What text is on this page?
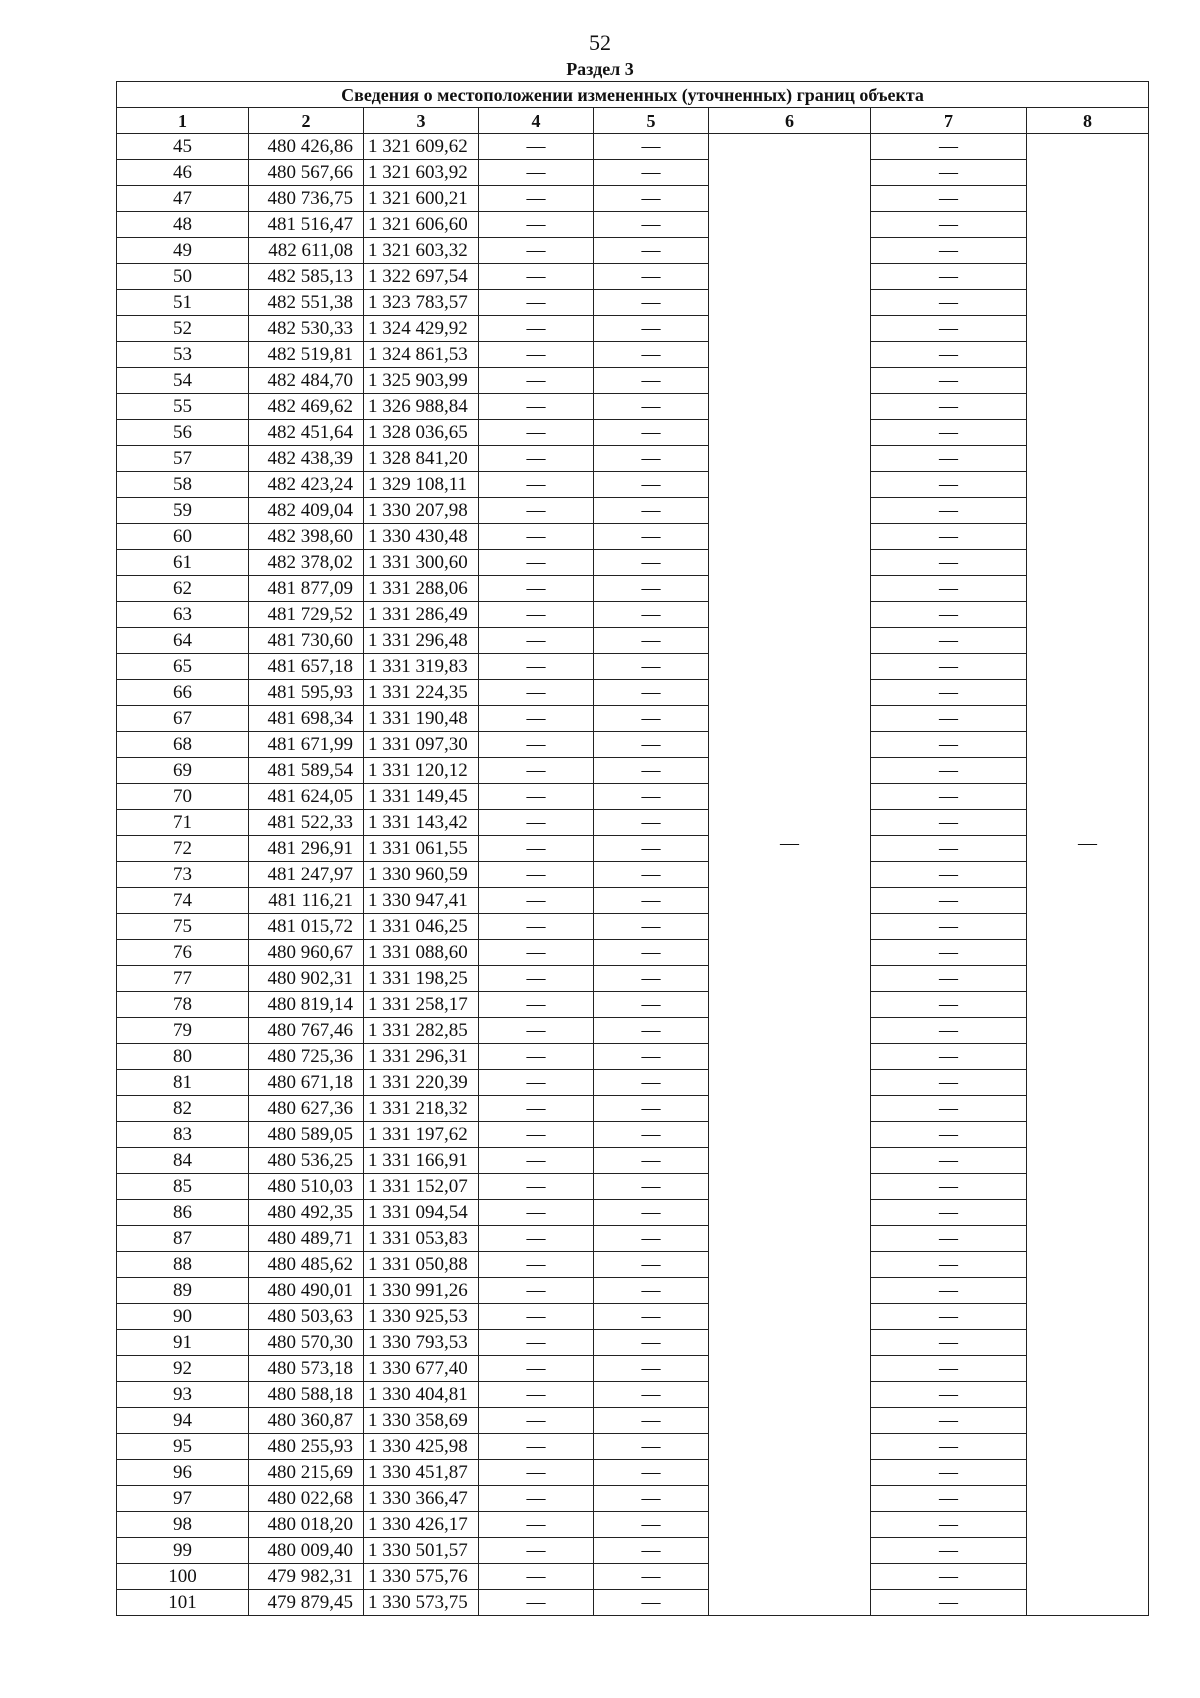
52
Раздел 3
Сведения о местоположении измененных (уточненных) границ объекта							
1	2	3	4	5	6	7	8
45	480 426,86	1 321 609,62	—	—	—	—	—
46	480 567,66	1 321 603,92	—	—		—	
47	480 736,75	1 321 600,21	—	—		—	
48	481 516,47	1 321 606,60	—	—		—	
49	482 611,08	1 321 603,32	—	—		—	
50	482 585,13	1 322 697,54	—	—		—	
51	482 551,38	1 323 783,57	—	—		—	
52	482 530,33	1 324 429,92	—	—		—	
53	482 519,81	1 324 861,53	—	—		—	
54	482 484,70	1 325 903,99	—	—		—	
55	482 469,62	1 326 988,84	—	—		—	
56	482 451,64	1 328 036,65	—	—		—	
57	482 438,39	1 328 841,20	—	—		—	
58	482 423,24	1 329 108,11	—	—		—	
59	482 409,04	1 330 207,98	—	—		—	
60	482 398,60	1 330 430,48	—	—		—	
61	482 378,02	1 331 300,60	—	—		—	
62	481 877,09	1 331 288,06	—	—		—	
63	481 729,52	1 331 286,49	—	—		—	
64	481 730,60	1 331 296,48	—	—		—	
65	481 657,18	1 331 319,83	—	—		—	
66	481 595,93	1 331 224,35	—	—		—	
67	481 698,34	1 331 190,48	—	—		—	
68	481 671,99	1 331 097,30	—	—		—	
69	481 589,54	1 331 120,12	—	—		—	
70	481 624,05	1 331 149,45	—	—		—	
71	481 522,33	1 331 143,42	—	—		—	
72	481 296,91	1 331 061,55	—	—		—	
73	481 247,97	1 330 960,59	—	—		—	
74	481 116,21	1 330 947,41	—	—		—	
75	481 015,72	1 331 046,25	—	—		—	
76	480 960,67	1 331 088,60	—	—		—	
77	480 902,31	1 331 198,25	—	—		—	
78	480 819,14	1 331 258,17	—	—		—	
79	480 767,46	1 331 282,85	—	—		—	
80	480 725,36	1 331 296,31	—	—		—	
81	480 671,18	1 331 220,39	—	—		—	
82	480 627,36	1 331 218,32	—	—		—	
83	480 589,05	1 331 197,62	—	—		—	
84	480 536,25	1 331 166,91	—	—		—	
85	480 510,03	1 331 152,07	—	—		—	
86	480 492,35	1 331 094,54	—	—		—	
87	480 489,71	1 331 053,83	—	—		—	
88	480 485,62	1 331 050,88	—	—		—	
89	480 490,01	1 330 991,26	—	—		—	
90	480 503,63	1 330 925,53	—	—		—	
91	480 570,30	1 330 793,53	—	—		—	
92	480 573,18	1 330 677,40	—	—		—	
93	480 588,18	1 330 404,81	—	—		—	
94	480 360,87	1 330 358,69	—	—		—	
95	480 255,93	1 330 425,98	—	—		—	
96	480 215,69	1 330 451,87	—	—		—	
97	480 022,68	1 330 366,47	—	—		—	
98	480 018,20	1 330 426,17	—	—		—	
99	480 009,40	1 330 501,57	—	—		—	
100	479 982,31	1 330 575,76	—	—		—	
101	479 879,45	1 330 573,75	—	—		—	
